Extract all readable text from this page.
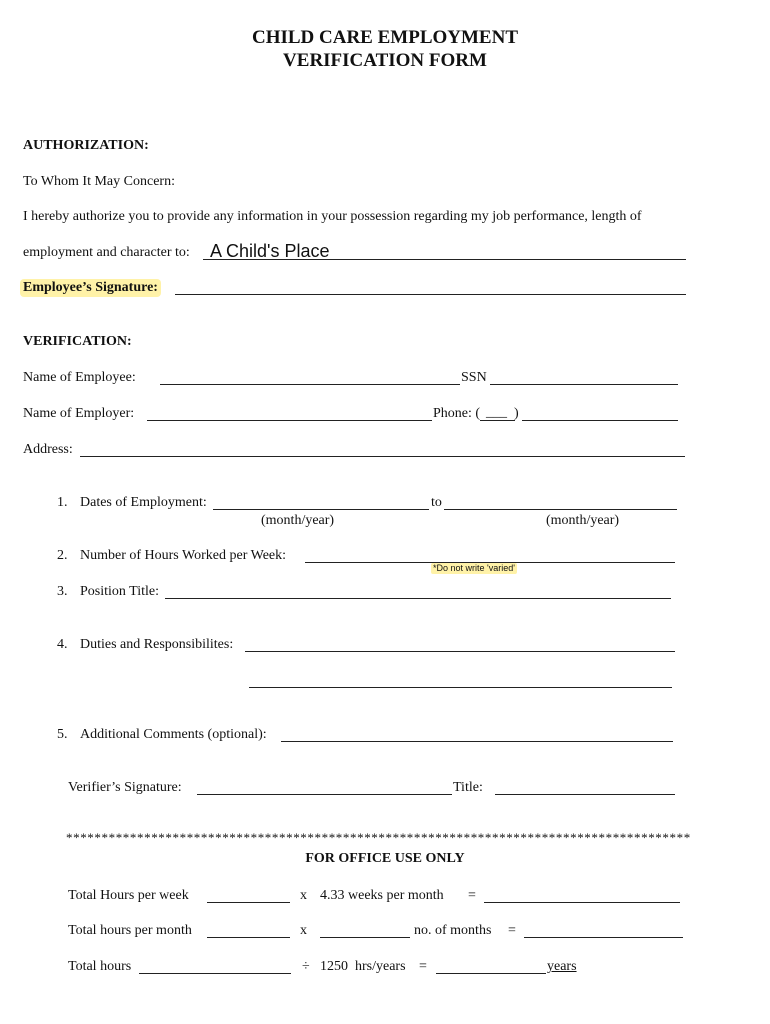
CHILD CARE EMPLOYMENT
VERIFICATION FORM
AUTHORIZATION:
To Whom It May Concern:
I hereby authorize you to provide any information in your possession regarding my job performance, length of
employment and character to: A Child's Place
Employee’s Signature:
VERIFICATION:
Name of Employee:	SSN
Name of Employer:	Phone: ( ___ )
Address:
1. Dates of Employment:	to
(month/year)	(month/year)
2. Number of Hours Worked per Week:
*Do not write 'varied'
3. Position Title:
4. Duties and Responsibilites:
5. Additional Comments (optional):
Verifier’s Signature:	Title:
****************************************************************************************
FOR OFFICE USE ONLY
Total Hours per week	x 4.33 weeks per month =
Total hours per month	x	no. of months =
Total hours	÷ 1250  hrs/years =	years
